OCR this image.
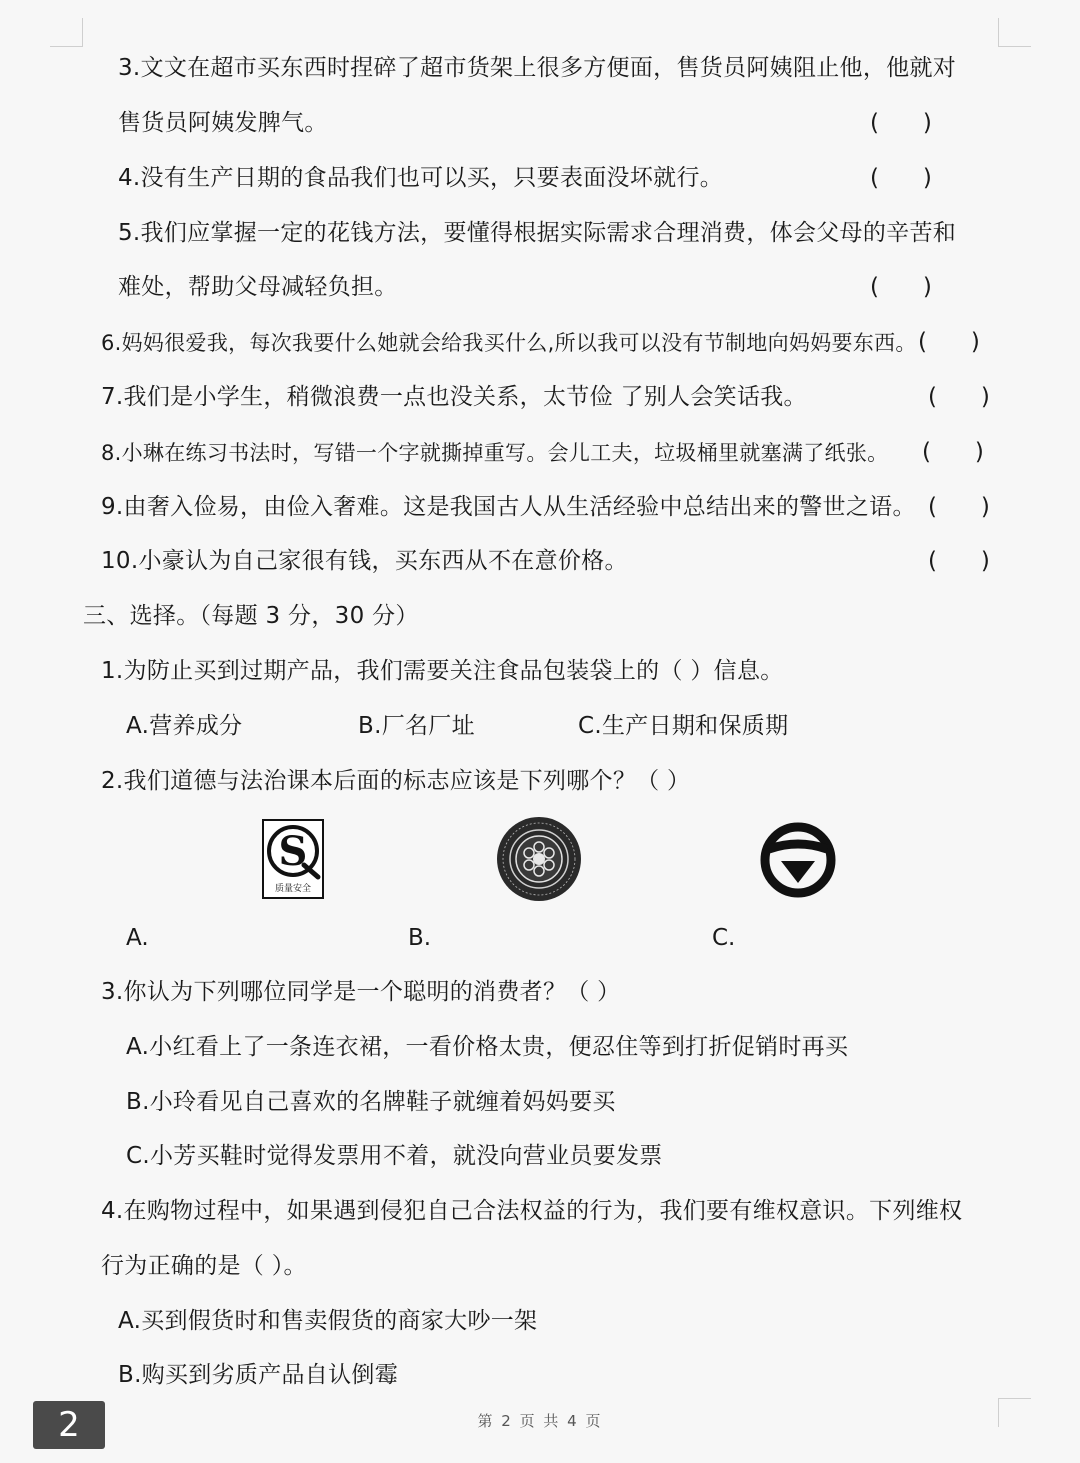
3.文文在超市买东西时捏碎了超市货架上很多方便面，售货员阿姨阻止他，他就对
售货员阿姨发脾气。	(      )
4.没有生产日期的食品我们也可以买，只要表面没坏就行。	(      )
5.我们应掌握一定的花钱方法，要懂得根据实际需求合理消费，体会父母的辛苦和
难处，帮助父母减轻负担。	(      )
6.妈妈很爱我，每次我要什么她就会给我买什么,所以我可以没有节制地向妈妈要东西。 (      )
7.我们是小学生，稍微浪费一点也没关系，太节俭 了别人会笑话我。	(      )
8.小琳在练习书法时，写错一个字就撕掉重写。会儿工夫，垃圾桶里就塞满了纸张。 (      )
9.由奢入俭易，由俭入奢难。这是我国古人从生活经验中总结出来的警世之语。 (      )
10.小豪认为自己家很有钱，买东西从不在意价格。	(      )
三、选择。（每题 3 分，30 分）
1.为防止买到过期产品，我们需要关注食品包装袋上的（ ）信息。
A.营养成分	B.厂名厂址	C.生产日期和保质期
2.我们道德与法治课本后面的标志应该是下列哪个？（ ）
S
质量安全
A.	B.	C.
3.你认为下列哪位同学是一个聪明的消费者？（ ）
A.小红看上了一条连衣裙，一看价格太贵，便忍住等到打折促销时再买
B.小玲看见自己喜欢的名牌鞋子就缠着妈妈要买
C.小芳买鞋时觉得发票用不着，就没向营业员要发票
4.在购物过程中，如果遇到侵犯自己合法权益的行为，我们要有维权意识。下列维权
行为正确的是（ ）。
A.买到假货时和售卖假货的商家大吵一架
B.购买到劣质产品自认倒霉
2	第 2 页 共 4 页
